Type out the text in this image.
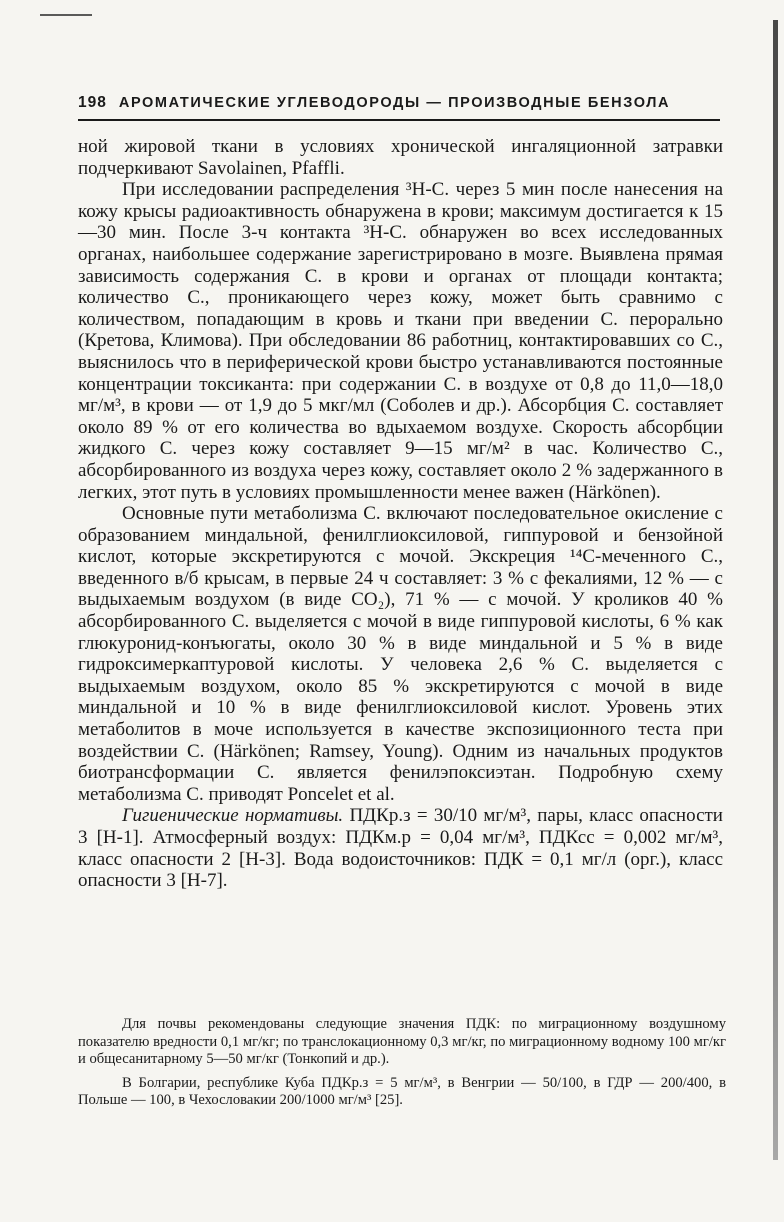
198 АРОМАТИЧЕСКИЕ УГЛЕВОДОРОДЫ — ПРОИЗВОДНЫЕ БЕНЗОЛА

ной жировой ткани в условиях хронической ингаляционной затравки подчеркивают Savolainen, Pfaffli.

При исследовании распределения ³H-С. через 5 мин после нанесения на кожу крысы радиоактивность обнаружена в крови; максимум достигается к 15—30 мин. После 3-ч контакта ³H-С. обнаружен во всех исследованных органах, наибольшее содержание зарегистрировано в мозге. Выявлена прямая зависимость содержания С. в крови и органах от площади контакта; количество С., проникающего через кожу, может быть сравнимо с количеством, попадающим в кровь и ткани при введении С. перорально (Кретова, Климова). При обследовании 86 работниц, контактировавших со С., выяснилось что в периферической крови быстро устанавливаются постоянные концентрации токсиканта: при содержании С. в воздухе от 0,8 до 11,0—18,0 мг/м³, в крови — от 1,9 до 5 мкг/мл (Соболев и др.). Абсорбция С. составляет около 89 % от его количества во вдыхаемом воздухе. Скорость абсорбции жидкого С. через кожу составляет 9—15 мг/м² в час. Количество С., абсорбированного из воздуха через кожу, составляет около 2 % задержанного в легких, этот путь в условиях промышленности менее важен (Härkönen).

Основные пути метаболизма С. включают последовательное окисление с образованием миндальной, фенилглиоксиловой, гиппуровой и бензойной кислот, которые экскретируются с мочой. Экскреция ¹⁴С-меченного С., введенного в/б крысам, в первые 24 ч составляет: 3 % с фекалиями, 12 % — с выдыхаемым воздухом (в виде CO₂), 71 % — с мочой. У кроликов 40 % абсорбированного С. выделяется с мочой в виде гиппуровой кислоты, 6 % как глюкуронид-конъюгаты, около 30 % в виде миндальной и 5 % в виде гидроксимеркаптуровой кислоты. У человека 2,6 % С. выделяется с выдыхаемым воздухом, около 85 % экскретируются с мочой в виде миндальной и 10 % в виде фенилглиоксиловой кислот. Уровень этих метаболитов в моче используется в качестве экспозиционного теста при воздействии С. (Härkönen; Ramsey, Young). Одним из начальных продуктов биотрансформации С. является фенилэпоксиэтан. Подробную схему метаболизма С. приводят Poncelet et al.

Гигиенические нормативы. ПДКр.з = 30/10 мг/м³, пары, класс опасности 3 [Н-1]. Атмосферный воздух: ПДКм.р = 0,04 мг/м³, ПДКсс = 0,002 мг/м³, класс опасности 2 [Н-3]. Вода водоисточников: ПДК = 0,1 мг/л (орг.), класс опасности 3 [Н-7].

Для почвы рекомендованы следующие значения ПДК: по миграционному воздушному показателю вредности 0,1 мг/кг; по транслокационному 0,3 мг/кг, по миграционному водному 100 мг/кг и общесанитарному 5—50 мг/кг (Тонкопий и др.).

В Болгарии, республике Куба ПДКр.з = 5 мг/м³, в Венгрии — 50/100, в ГДР — 200/400, в Польше — 100, в Чехословакии 200/1000 мг/м³ [25].
